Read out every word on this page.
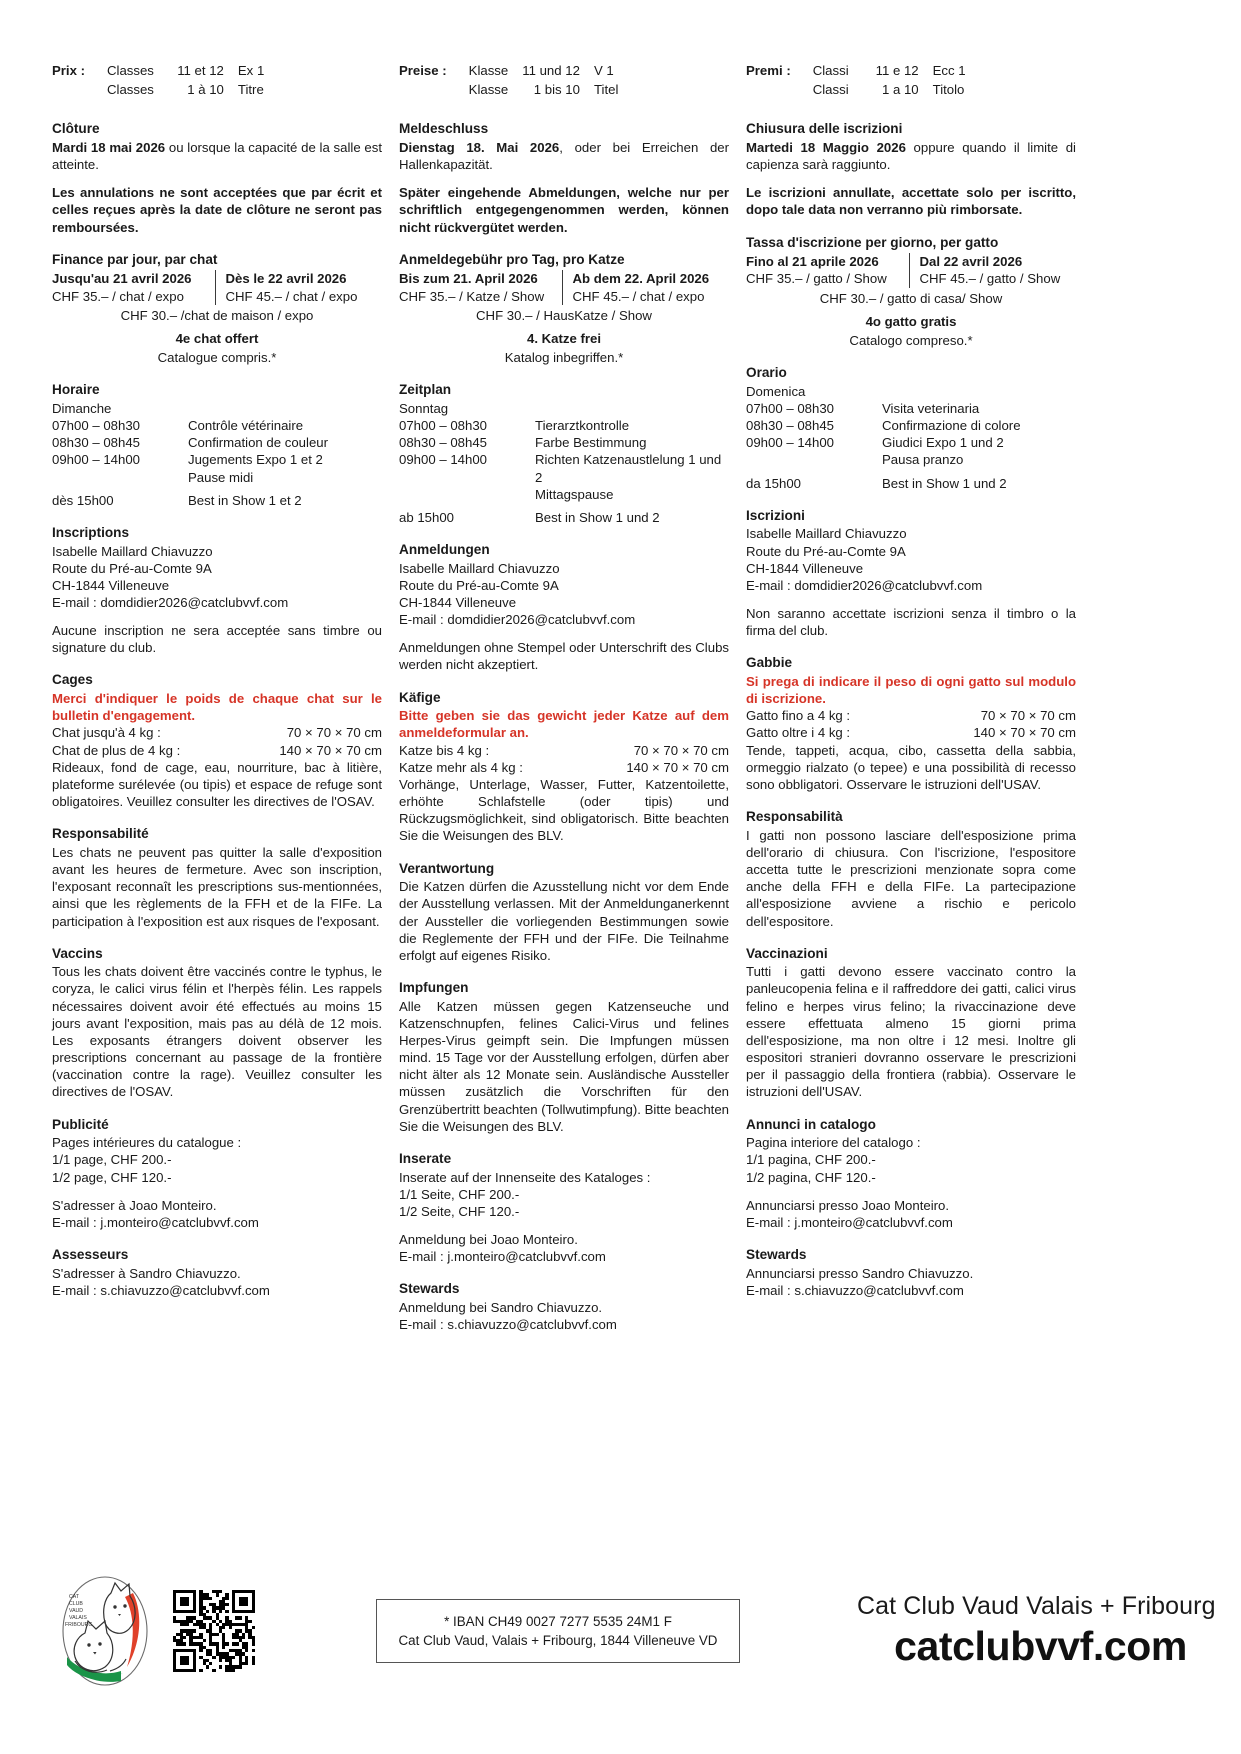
Prix :	Classes	11 et 12	Ex 1
	Classes	1 à 10	Titre
Clôture
Mardi 18 mai 2026 ou lorsque la capacité de la salle est atteinte.
Les annulations ne sont acceptées que par écrit et celles reçues après la date de clôture ne seront pas remboursées.
Finance par jour, par chat
Jusqu'au 21 avril 2026
CHF 35.– / chat / expo
Dès le 22 avril 2026
CHF 45.– / chat / expo
CHF 30.– /chat de maison / expo
4e chat offert
Catalogue compris.*
Horaire
Dimanche
07h00 – 08h30	Contrôle vétérinaire
08h30 – 08h45	Confirmation de couleur
09h00 – 14h00	Jugements Expo 1 et 2
	Pause midi

dès 15h00	Best in Show 1 et 2
Inscriptions
Isabelle Maillard Chiavuzzo
Route du Pré-au-Comte 9A
CH-1844 Villeneuve
E-mail : domdidier2026@catclubvvf.com
Aucune inscription ne sera acceptée sans timbre ou signature du club.
Cages
Merci d'indiquer le poids de chaque chat sur le bulletin d'engagement.
Chat jusqu'à 4 kg :	70 × 70 × 70 cm
Chat de plus de 4 kg :	140 × 70 × 70 cm
Rideaux, fond de cage, eau, nourriture, bac à litière, plateforme surélevée (ou tipis) et espace de refuge sont obligatoires. Veuillez consulter les directives de l'OSAV.
Responsabilité
Les chats ne peuvent pas quitter la salle d'exposition avant les heures de fermeture. Avec son inscription, l'exposant reconnaît les prescriptions sus-mentionnées, ainsi que les règlements de la FFH et de la FIFe. La participation à l'exposition est aux risques de l'exposant.
Vaccins
Tous les chats doivent être vaccinés contre le typhus, le coryza, le calici virus félin et l'herpès félin. Les rappels nécessaires doivent avoir été effectués au moins 15 jours avant l'exposition, mais pas au délà de 12 mois. Les exposants étrangers doivent observer les prescriptions concernant au passage de la frontière (vaccination contre la rage). Veuillez consulter les directives de l'OSAV.
Publicité
Pages intérieures du catalogue :
1/1 page, CHF 200.-
1/2 page, CHF 120.-
S'adresser à Joao Monteiro.
E-mail : j.monteiro@catclubvvf.com
Assesseurs
S'adresser à Sandro Chiavuzzo.
E-mail : s.chiavuzzo@catclubvvf.com
Preise :	Klasse	11 und 12	V 1
	Klasse	1 bis 10	Titel
Meldeschluss
Dienstag 18. Mai 2026, oder bei Erreichen der Hallenkapazität.
Später eingehende Abmeldungen, welche nur per schriftlich entgegengenommen werden, können nicht rückvergütet werden.
Anmeldegebühr pro Tag, pro Katze
Bis zum 21. April 2026
CHF 35.– / Katze / Show
Ab dem 22. April 2026
CHF 45.– / chat / expo
CHF 30.– / HausKatze / Show
4. Katze frei
Katalog inbegriffen.*
Zeitplan
Sonntag
07h00 – 08h30	Tierarztkontrolle
08h30 – 08h45	Farbe Bestimmung
09h00 – 14h00	Richten Katzenaustlelung 1 und 2
	Mittagspause

ab 15h00	Best in Show 1 und 2
Anmeldungen
Isabelle Maillard Chiavuzzo
Route du Pré-au-Comte 9A
CH-1844 Villeneuve
E-mail : domdidier2026@catclubvvf.com
Anmeldungen ohne Stempel oder Unterschrift des Clubs werden nicht akzeptiert.
Käfige
Bitte geben sie das gewicht jeder Katze auf dem anmeldeformular an.
Katze bis 4 kg :	70 × 70 × 70 cm
Katze mehr als 4 kg :	140 × 70 × 70 cm
Vorhänge, Unterlage, Wasser, Futter, Katzentoilette, erhöhte Schlafstelle (oder tipis) und Rückzugsmöglichkeit, sind obligatorisch. Bitte beachten Sie die Weisungen des BLV.
Verantwortung
Die Katzen dürfen die Azusstellung nicht vor dem Ende der Ausstellung verlassen. Mit der Anmeldunganerkennt der Aussteller die vorliegenden Bestimmungen sowie die Reglemente der FFH und der FIFe. Die Teilnahme erfolgt auf eigenes Risiko.
Impfungen
Alle Katzen müssen gegen Katzenseuche und Katzenschnupfen, felines Calici-Virus und felines Herpes-Virus geimpft sein. Die Impfungen müssen mind. 15 Tage vor der Ausstellung erfolgen, dürfen aber nicht älter als 12 Monate sein. Ausländische Aussteller müssen zusätzlich die Vorschriften für den Grenzübertritt beachten (Tollwutimpfung). Bitte beachten Sie die Weisungen des BLV.
Inserate
Inserate auf der Innenseite des Kataloges :
1/1 Seite, CHF 200.-
1/2 Seite, CHF 120.-
Anmeldung bei Joao Monteiro.
E-mail : j.monteiro@catclubvvf.com
Stewards
Anmeldung bei Sandro Chiavuzzo.
E-mail : s.chiavuzzo@catclubvvf.com
Premi :	Classi	11 e 12	Ecc 1
	Classi	1 a 10	Titolo
Chiusura delle iscrizioni
Martedi 18 Maggio 2026 oppure quando il limite di capienza sarà raggiunto.
Le iscrizioni annullate, accettate solo per iscritto, dopo tale data non verranno più rimborsate.
Tassa d'iscrizione per giorno, per gatto
Fino al 21 aprile 2026
CHF 35.– / gatto / Show
Dal 22 avril 2026
CHF 45.– / gatto / Show
CHF 30.– / gatto di casa/ Show
4o gatto gratis
Catalogo compreso.*
Orario
Domenica
07h00 – 08h30	Visita veterinaria
08h30 – 08h45	Confirmazione di colore
09h00 – 14h00	Giudici Expo 1 und 2
	Pausa pranzo

da 15h00	Best in Show 1 und 2
Iscrizioni
Isabelle Maillard Chiavuzzo
Route du Pré-au-Comte 9A
CH-1844 Villeneuve
E-mail : domdidier2026@catclubvvf.com
Non saranno accettate iscrizioni senza il timbro o la firma del club.
Gabbie
Si prega di indicare il peso di ogni gatto sul modulo di iscrizione.
Gatto fino a 4 kg :	70 × 70 × 70 cm
Gatto oltre i 4 kg :	140 × 70 × 70 cm
Tende, tappeti, acqua, cibo, cassetta della sabbia, ormeggio rialzato (o tepee) e una possibilità di recesso sono obbligatori. Osservare le istruzioni dell'USAV.
Responsabilità
I gatti non possono lasciare dell'esposizione prima dell'orario di chiusura. Con l'iscrizione, l'espositore accetta tutte le prescrizioni menzionate sopra come anche della FFH e della FIFe. La partecipazione all'esposizione avviene a rischio e pericolo dell'espositore.
Vaccinazioni
Tutti i gatti devono essere vaccinato contro la panleucopenia felina e il raffreddore dei gatti, calici virus felino e herpes virus felino; la rivaccinazione deve essere effettuata almeno 15 giorni prima dell'esposizione, ma non oltre i 12 mesi. Inoltre gli espositori stranieri dovranno osservare le prescrizioni per il passaggio della frontiera (rabbia). Osservare le istruzioni dell'USAV.
Annunci in catalogo
Pagina interiore del catalogo :
1/1 pagina, CHF 200.-
1/2 pagina, CHF 120.-
Annunciarsi presso Joao Monteiro.
E-mail : j.monteiro@catclubvvf.com
Stewards
Annunciarsi presso Sandro Chiavuzzo.
E-mail : s.chiavuzzo@catclubvvf.com
CAT
CLUB
VAUD
VALAIS
FRIBOURG	* IBAN CH49 0027 7277 5535 24M1 F
Cat Club Vaud, Valais + Fribourg, 1844 Villeneuve VD
Cat Club Vaud Valais + Fribourg
catclubvvf.com
